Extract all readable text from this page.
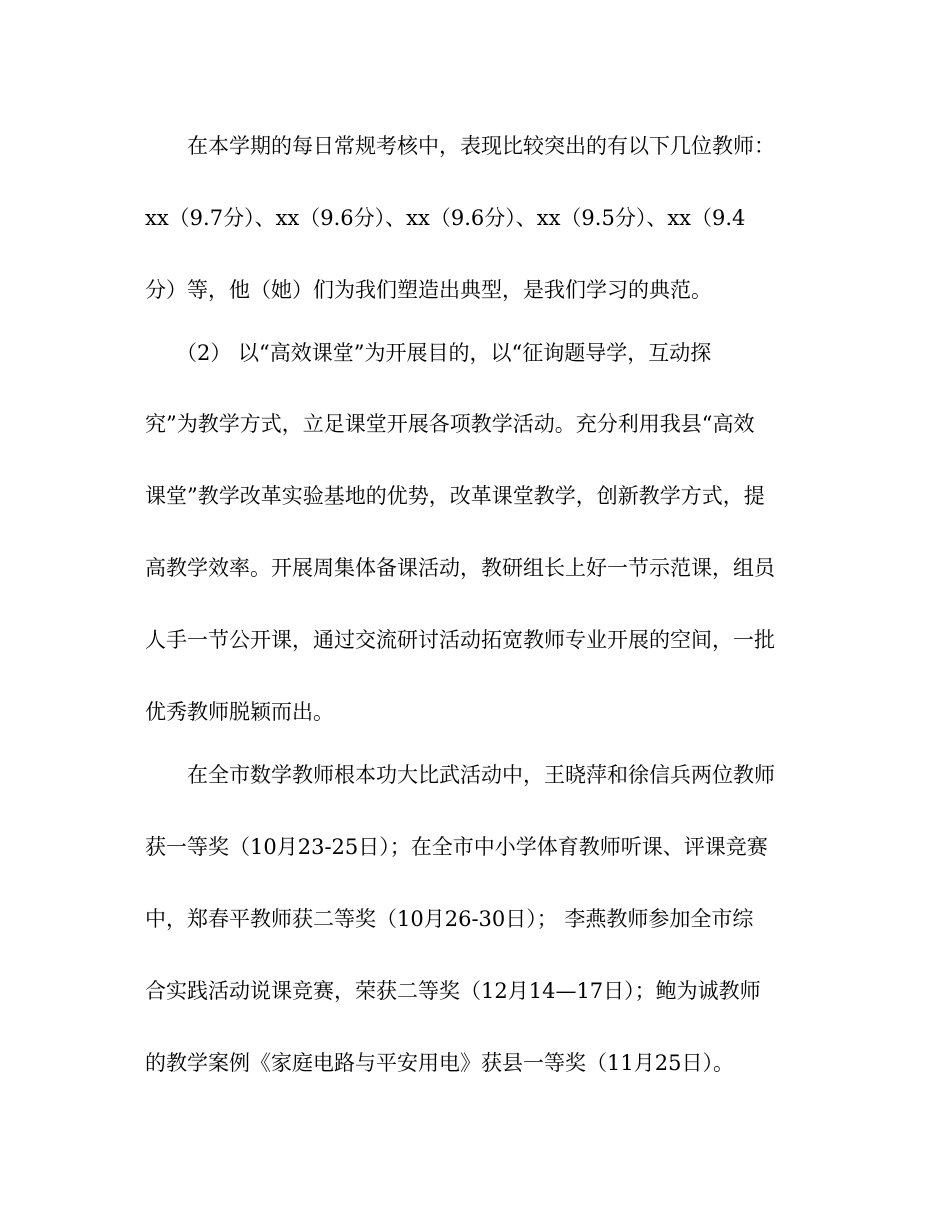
在本学期的每日常规考核中，表现比较突出的有以下几位教师：
xx（9.7分）、xx（9.6分）、xx（9.6分）、xx（9.5分）、xx（9.4
分）等，他（她）们为我们塑造出典型，是我们学习的典范。
（2） 以“高效课堂”为开展目的，以“征询题导学，互动探
究”为教学方式，立足课堂开展各项教学活动。充分利用我县“高效
课堂”教学改革实验基地的优势，改革课堂教学，创新教学方式，提
高教学效率。开展周集体备课活动，教研组长上好一节示范课，组员
人手一节公开课，通过交流研讨活动拓宽教师专业开展的空间，一批
优秀教师脱颖而出。
在全市数学教师根本功大比武活动中，王晓萍和徐信兵两位教师
获一等奖（10月23-25日）；在全市中小学体育教师听课、评课竞赛
中，郑春平教师获二等奖（10月26-30日）； 李燕教师参加全市综
合实践活动说课竞赛，荣获二等奖（12月14—17日）；鲍为诚教师
的教学案例《家庭电路与平安用电》获县一等奖（11月25日）。
